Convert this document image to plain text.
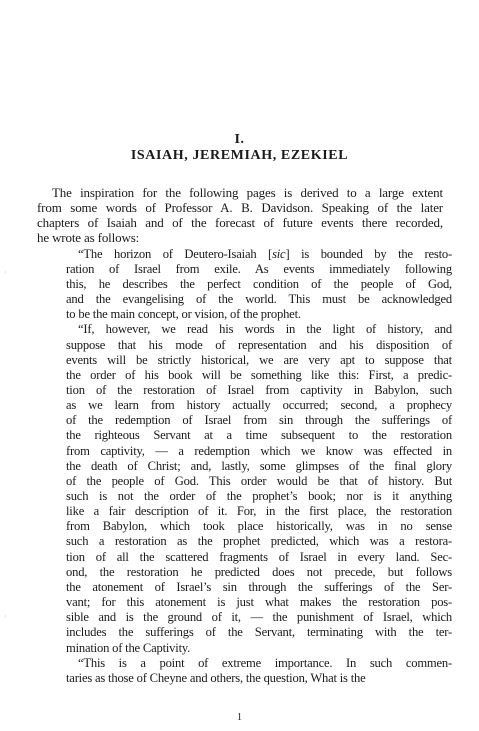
I.
ISAIAH, JEREMIAH, EZEKIEL
The inspiration for the following pages is derived to a large extent
from some words of Professor A. B. Davidson. Speaking of the later
chapters of Isaiah and of the forecast of future events there recorded,
he wrote as follows:
“The horizon of Deutero-Isaiah [sic] is bounded by the resto-
ration of Israel from exile. As events immediately following
this, he describes the perfect condition of the people of God,
and the evangelising of the world. This must be acknowledged
to be the main concept, or vision, of the prophet.
“If, however, we read his words in the light of history, and
suppose that his mode of representation and his disposition of
events will be strictly historical, we are very apt to suppose that
the order of his book will be something like this: First, a predic-
tion of the restoration of Israel from captivity in Babylon, such
as we learn from history actually occurred; second, a prophecy
of the redemption of Israel from sin through the sufferings of
the righteous Servant at a time subsequent to the restoration
from captivity, — a redemption which we know was effected in
the death of Christ; and, lastly, some glimpses of the final glory
of the people of God. This order would be that of history. But
such is not the order of the prophet’s book; nor is it anything
like a fair description of it. For, in the first place, the restoration
from Babylon, which took place historically, was in no sense
such a restoration as the prophet predicted, which was a restora-
tion of all the scattered fragments of Israel in every land. Sec-
ond, the restoration he predicted does not precede, but follows
the atonement of Israel’s sin through the sufferings of the Ser-
vant; for this atonement is just what makes the restoration pos-
sible and is the ground of it, — the punishment of Israel, which
includes the sufferings of the Servant, terminating with the ter-
mination of the Captivity.
“This is a point of extreme importance. In such commen-
taries as those of Cheyne and others, the question, What is the
·
·
1
